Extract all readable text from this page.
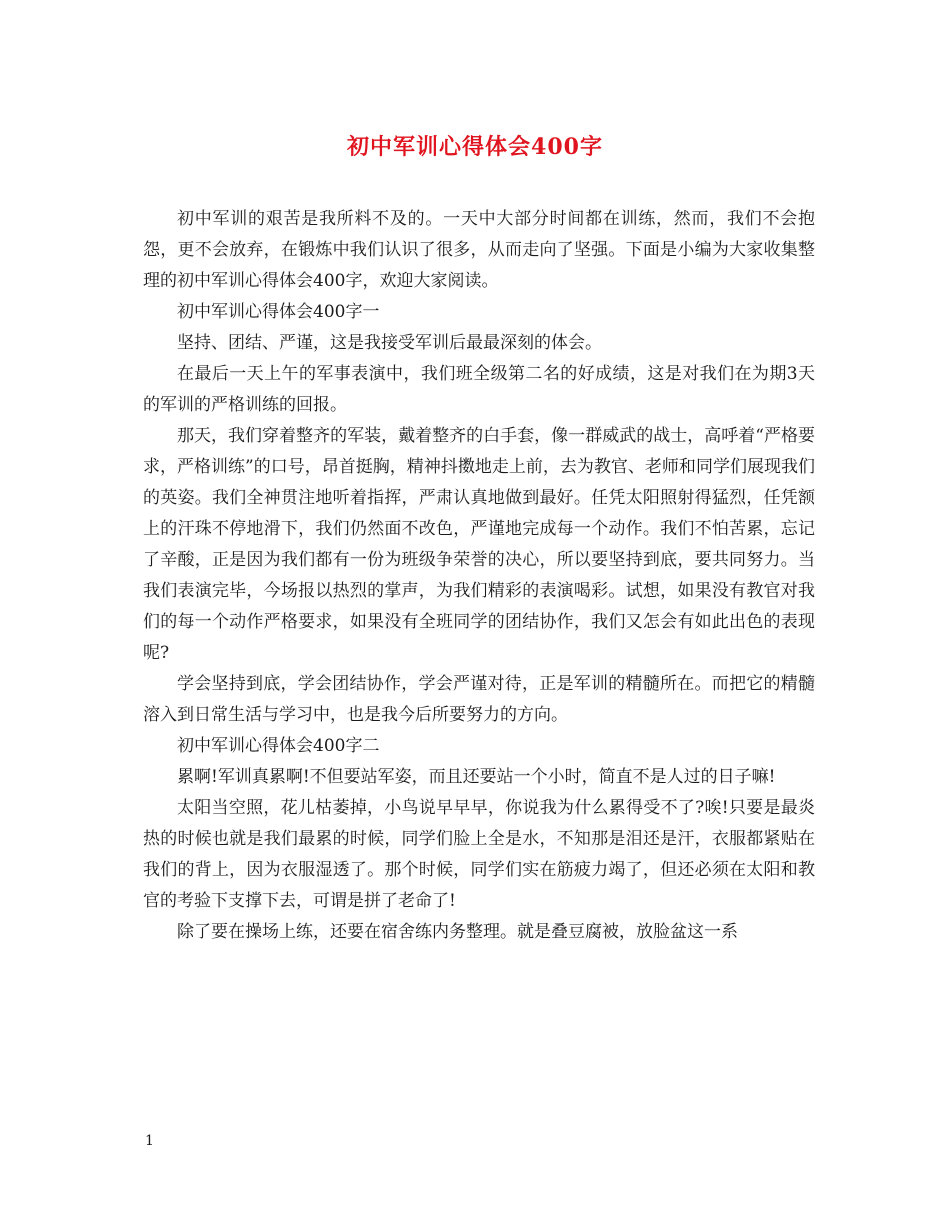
初中军训心得体会400字

初中军训的艰苦是我所料不及的。一天中大部分时间都在训练，然而，我们不会抱怨，更不会放弃，在锻炼中我们认识了很多，从而走向了坚强。下面是小编为大家收集整理的初中军训心得体会400字，欢迎大家阅读。

初中军训心得体会400字一

坚持、团结、严谨，这是我接受军训后最最深刻的体会。

在最后一天上午的军事表演中，我们班全级第二名的好成绩，这是对我们在为期3天的军训的严格训练的回报。

那天，我们穿着整齐的军装，戴着整齐的白手套，像一群威武的战士，高呼着“严格要求，严格训练”的口号，昂首挺胸，精神抖擞地走上前，去为教官、老师和同学们展现我们的英姿。我们全神贯注地听着指挥，严肃认真地做到最好。任凭太阳照射得猛烈，任凭额上的汗珠不停地滑下，我们仍然面不改色，严谨地完成每一个动作。我们不怕苦累，忘记了辛酸，正是因为我们都有一份为班级争荣誉的决心，所以要坚持到底，要共同努力。当我们表演完毕，今场报以热烈的掌声，为我们精彩的表演喝彩。试想，如果没有教官对我们的每一个动作严格要求，如果没有全班同学的团结协作，我们又怎会有如此出色的表现呢?

学会坚持到底，学会团结协作，学会严谨对待，正是军训的精髓所在。而把它的精髓溶入到日常生活与学习中，也是我今后所要努力的方向。

初中军训心得体会400字二

累啊!军训真累啊!不但要站军姿，而且还要站一个小时，简直不是人过的日子嘛!

太阳当空照，花儿枯萎掉，小鸟说早早早，你说我为什么累得受不了?唉!只要是最炎热的时候也就是我们最累的时候，同学们脸上全是水，不知那是泪还是汗，衣服都紧贴在我们的背上，因为衣服湿透了。那个时候，同学们实在筋疲力竭了，但还必须在太阳和教官的考验下支撑下去，可谓是拼了老命了!

除了要在操场上练，还要在宿舍练内务整理。就是叠豆腐被，放脸盆这一系

1
